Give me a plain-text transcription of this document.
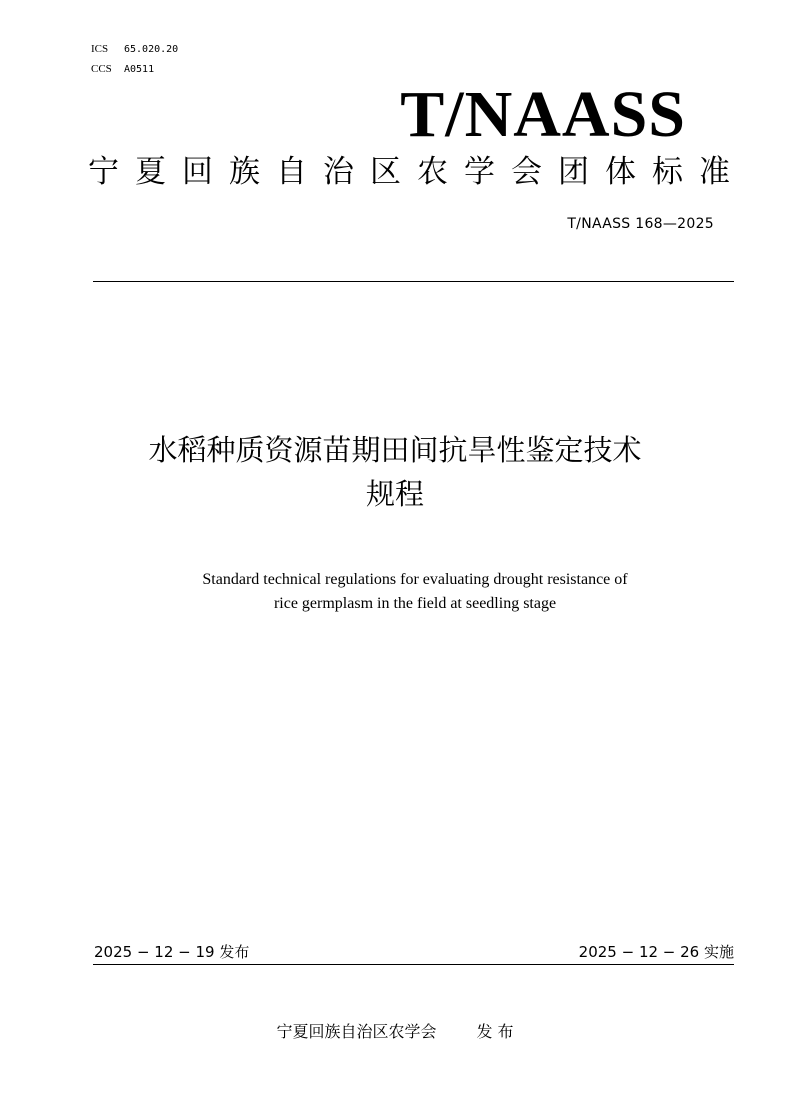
ICS 65.020.20
CCS A0511
T/NAASS
宁 夏 回 族 自 治 区 农 学 会 团 体 标 准
T/NAASS 168—2025
水稻种质资源苗期田间抗旱性鉴定技术
规程
Standard technical regulations for evaluating drought resistance of
rice germplasm in the field at seedling stage
2025 − 12 − 19 发布	2025 − 12 − 26 实施
宁夏回族自治区农学会	发 布
